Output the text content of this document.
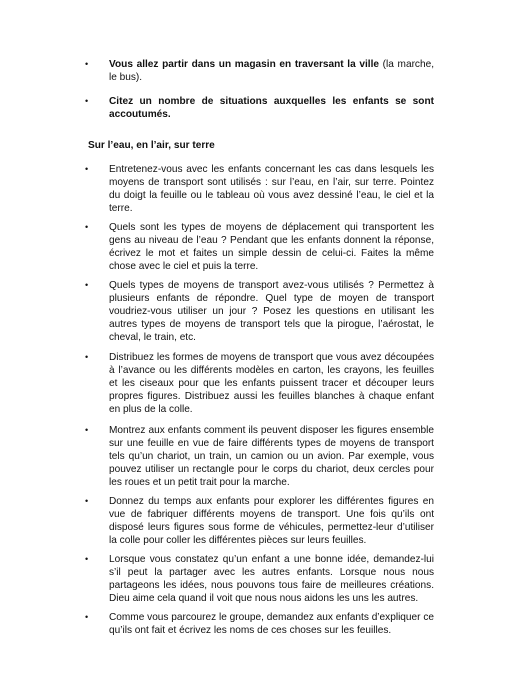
• Vous allez partir dans un magasin en traversant la ville (la marche, le bus).
• Citez un nombre de situations auxquelles les enfants se sont accoutumés.
Sur l’eau, en l’air, sur terre
• Entretenez-vous avec les enfants concernant les cas dans lesquels les moyens de transport sont utilisés : sur l’eau, en l’air, sur terre. Pointez du doigt la feuille ou le tableau où vous avez dessiné l’eau, le ciel et la terre.
• Quels sont les types de moyens de déplacement qui transportent les gens au niveau de l’eau ? Pendant que les enfants donnent la réponse, écrivez le mot et faites un simple dessin de celui-ci. Faites la même chose avec le ciel et puis la terre.
• Quels types de moyens de transport avez-vous utilisés ? Permettez à plusieurs enfants de répondre. Quel type de moyen de transport voudriez-vous utiliser un jour ? Posez les questions en utilisant les autres types de moyens de transport tels que la pirogue, l’aérostat, le cheval, le train, etc.
• Distribuez les formes de moyens de transport que vous avez découpées à l’avance ou les différents modèles en carton, les crayons, les feuilles et les ciseaux pour que les enfants puissent tracer et découper leurs propres figures. Distribuez aussi les feuilles blanches à chaque enfant en plus de la colle.
• Montrez aux enfants comment ils peuvent disposer les figures ensemble sur une feuille en vue de faire différents types de moyens de transport tels qu’un chariot, un train, un camion ou un avion. Par exemple, vous pouvez utiliser un rectangle pour le corps du chariot, deux cercles pour les roues et un petit trait pour la marche.
• Donnez du temps aux enfants pour explorer les différentes figures en vue de fabriquer différents moyens de transport. Une fois qu’ils ont disposé leurs figures sous forme de véhicules, permettez-leur d’utiliser la colle pour coller les différentes pièces sur leurs feuilles.
• Lorsque vous constatez qu’un enfant a une bonne idée, demandez-lui s’il peut la partager avec les autres enfants. Lorsque nous nous partageons les idées, nous pouvons tous faire de meilleures créations. Dieu aime cela quand il voit que nous nous aidons les uns les autres.
• Comme vous parcourez le groupe, demandez aux enfants d’expliquer ce qu’ils ont fait et écrivez les noms de ces choses sur les feuilles.
